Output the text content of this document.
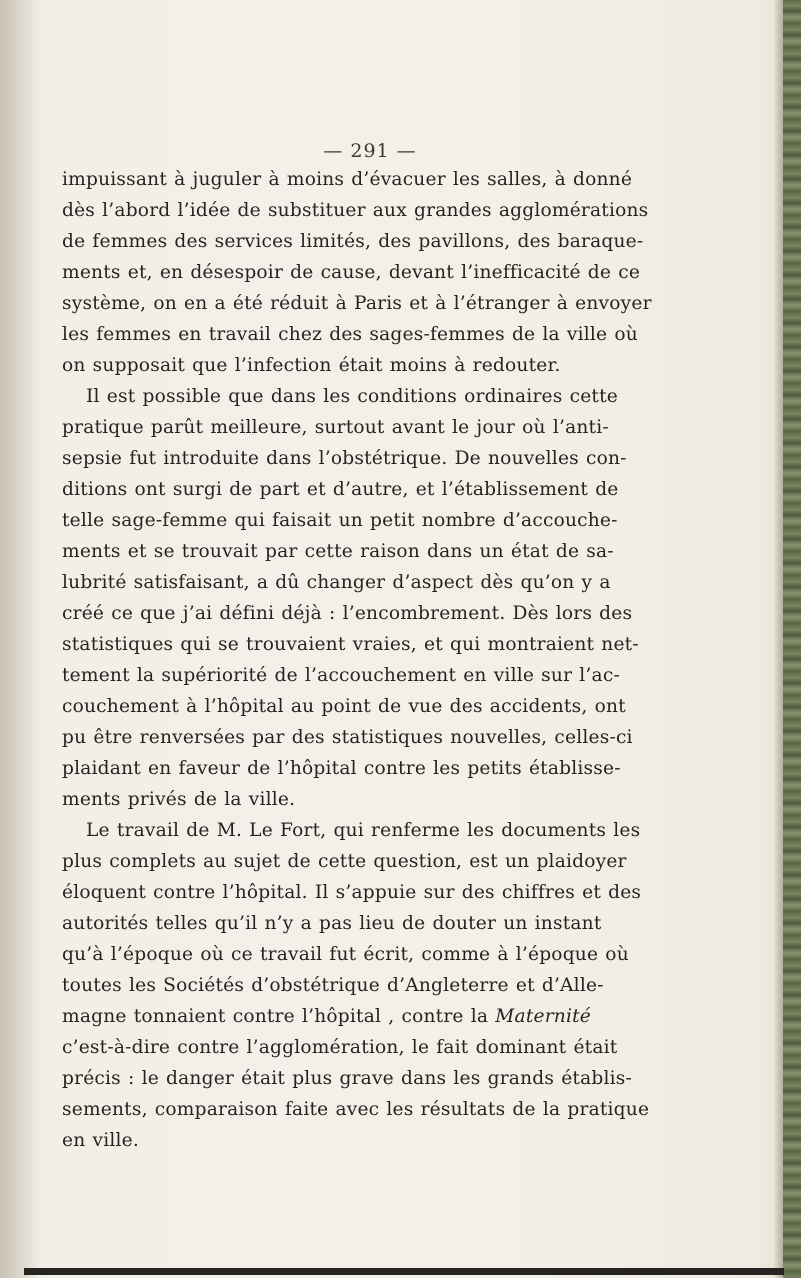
— 291 —
impuissant à juguler à moins d’évacuer les salles, à donné
dès l’abord l’idée de substituer aux grandes agglomérations
de femmes des services limités, des pavillons, des baraque-
ments et, en désespoir de cause, devant l’inefficacité de ce
système, on en a été réduit à Paris et à l’étranger à envoyer
les femmes en travail chez des sages-femmes de la ville où
on supposait que l’infection était moins à redouter.
Il est possible que dans les conditions ordinaires cette
pratique parût meilleure, surtout avant le jour où l’anti-
sepsie fut introduite dans l’obstétrique. De nouvelles con-
ditions ont surgi de part et d’autre, et l’établissement de
telle sage-femme qui faisait un petit nombre d’accouche-
ments et se trouvait par cette raison dans un état de sa-
lubrité satisfaisant, a dû changer d’aspect dès qu’on y a
créé ce que j’ai défini déjà : l’encombrement. Dès lors des
statistiques qui se trouvaient vraies, et qui montraient net-
tement la supériorité de l’accouchement en ville sur l’ac-
couchement à l’hôpital au point de vue des accidents, ont
pu être renversées par des statistiques nouvelles, celles-ci
plaidant en faveur de l’hôpital contre les petits établisse-
ments privés de la ville.
Le travail de M. Le Fort, qui renferme les documents les
plus complets au sujet de cette question, est un plaidoyer
éloquent contre l’hôpital. Il s’appuie sur des chiffres et des
autorités telles qu’il n’y a pas lieu de douter un instant
qu’à l’époque où ce travail fut écrit, comme à l’époque où
toutes les Sociétés d’obstétrique d’Angleterre et d’Alle-
magne tonnaient contre l’hôpital , contre la Maternité
c’est-à-dire contre l’agglomération, le fait dominant était
précis : le danger était plus grave dans les grands établis-
sements, comparaison faite avec les résultats de la pratique
en ville.
